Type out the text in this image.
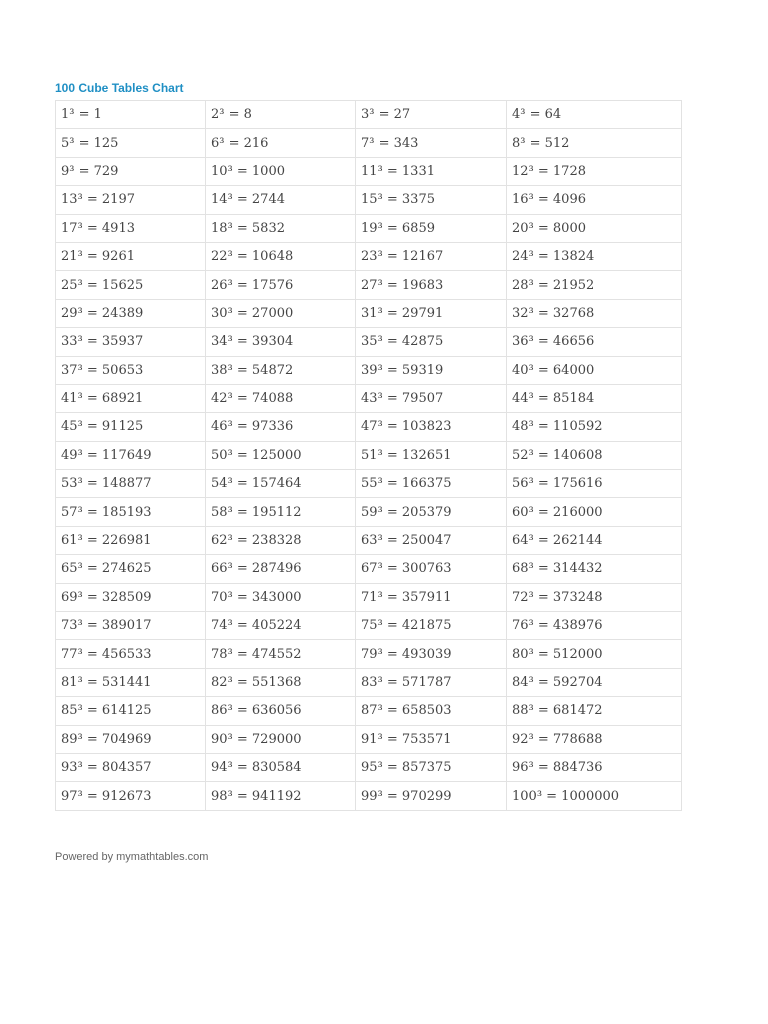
100 Cube Tables Chart
1³ = 1	2³ = 8	3³ = 27	4³ = 64
5³ = 125	6³ = 216	7³ = 343	8³ = 512
9³ = 729	10³ = 1000	11³ = 1331	12³ = 1728
13³ = 2197	14³ = 2744	15³ = 3375	16³ = 4096
17³ = 4913	18³ = 5832	19³ = 6859	20³ = 8000
21³ = 9261	22³ = 10648	23³ = 12167	24³ = 13824
25³ = 15625	26³ = 17576	27³ = 19683	28³ = 21952
29³ = 24389	30³ = 27000	31³ = 29791	32³ = 32768
33³ = 35937	34³ = 39304	35³ = 42875	36³ = 46656
37³ = 50653	38³ = 54872	39³ = 59319	40³ = 64000
41³ = 68921	42³ = 74088	43³ = 79507	44³ = 85184
45³ = 91125	46³ = 97336	47³ = 103823	48³ = 110592
49³ = 117649	50³ = 125000	51³ = 132651	52³ = 140608
53³ = 148877	54³ = 157464	55³ = 166375	56³ = 175616
57³ = 185193	58³ = 195112	59³ = 205379	60³ = 216000
61³ = 226981	62³ = 238328	63³ = 250047	64³ = 262144
65³ = 274625	66³ = 287496	67³ = 300763	68³ = 314432
69³ = 328509	70³ = 343000	71³ = 357911	72³ = 373248
73³ = 389017	74³ = 405224	75³ = 421875	76³ = 438976
77³ = 456533	78³ = 474552	79³ = 493039	80³ = 512000
81³ = 531441	82³ = 551368	83³ = 571787	84³ = 592704
85³ = 614125	86³ = 636056	87³ = 658503	88³ = 681472
89³ = 704969	90³ = 729000	91³ = 753571	92³ = 778688
93³ = 804357	94³ = 830584	95³ = 857375	96³ = 884736
97³ = 912673	98³ = 941192	99³ = 970299	100³ = 1000000
Powered by mymathtables.com
